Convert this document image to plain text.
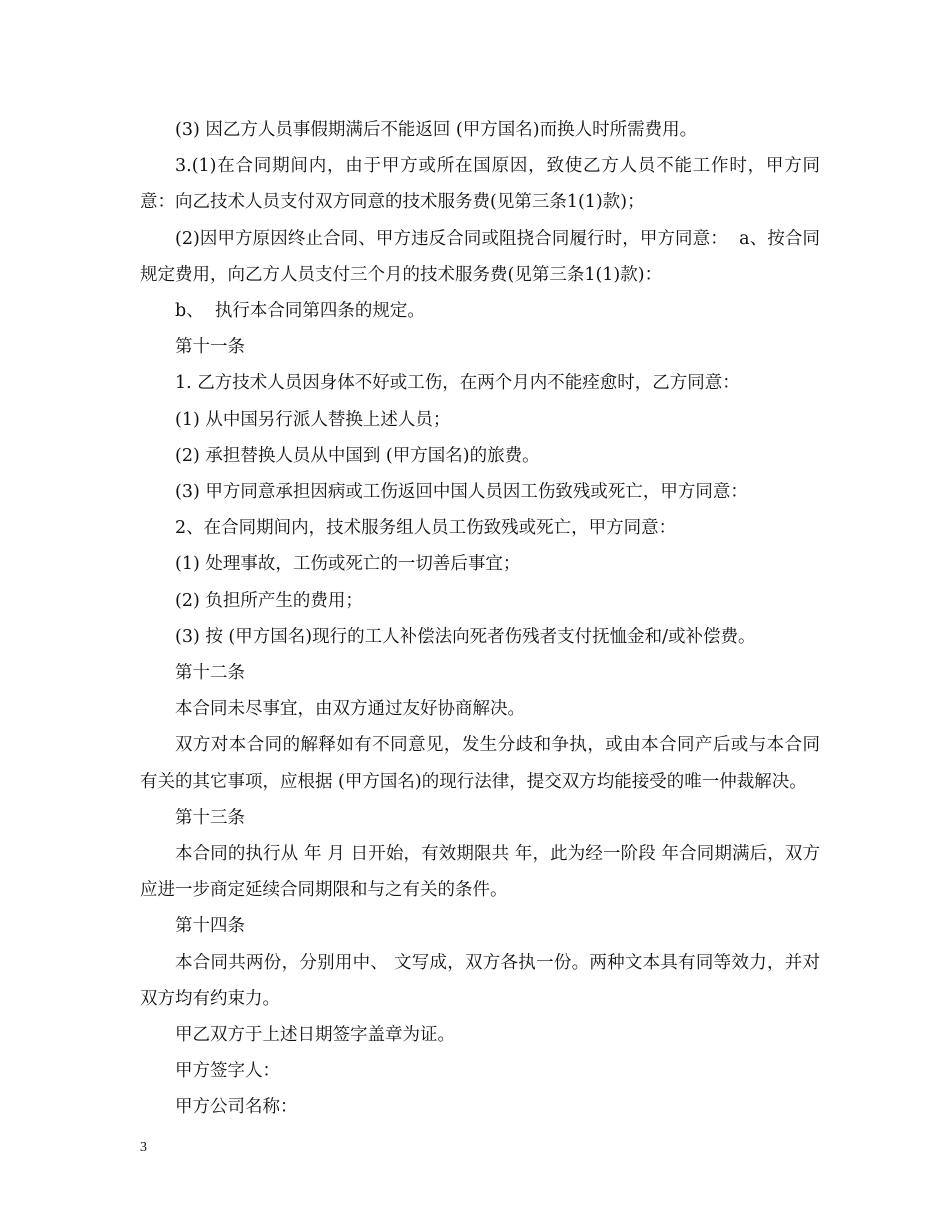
(3) 因乙方人员事假期满后不能返回 (甲方国名)而换人时所需费用。

3.(1)在合同期间内，由于甲方或所在国原因，致使乙方人员不能工作时，甲方同意：向乙技术人员支付双方同意的技术服务费(见第三条1(1)款)；

(2)因甲方原因终止合同、甲方违反合同或阻挠合同履行时，甲方同意：  a、按合同规定费用，向乙方人员支付三个月的技术服务费(见第三条1(1)款)：

b、  执行本合同第四条的规定。

第十一条

1. 乙方技术人员因身体不好或工伤，在两个月内不能痊愈时，乙方同意：

(1) 从中国另行派人替换上述人员；

(2) 承担替换人员从中国到 (甲方国名)的旅费。

(3) 甲方同意承担因病或工伤返回中国人员因工伤致残或死亡，甲方同意：

2、在合同期间内，技术服务组人员工伤致残或死亡，甲方同意：

(1) 处理事故，工伤或死亡的一切善后事宜；

(2) 负担所产生的费用；

(3) 按 (甲方国名)现行的工人补偿法向死者伤残者支付抚恤金和/或补偿费。

第十二条

本合同未尽事宜，由双方通过友好协商解决。

双方对本合同的解释如有不同意见，发生分歧和争执，或由本合同产后或与本合同有关的其它事项，应根据 (甲方国名)的现行法律，提交双方均能接受的唯一仲裁解决。

第十三条

本合同的执行从 年 月 日开始，有效期限共 年，此为经一阶段 年合同期满后，双方应进一步商定延续合同期限和与之有关的条件。

第十四条

本合同共两份，分别用中、 文写成，双方各执一份。两种文本具有同等效力，并对双方均有约束力。

甲乙双方于上述日期签字盖章为证。

甲方签字人：

甲方公司名称：

3
